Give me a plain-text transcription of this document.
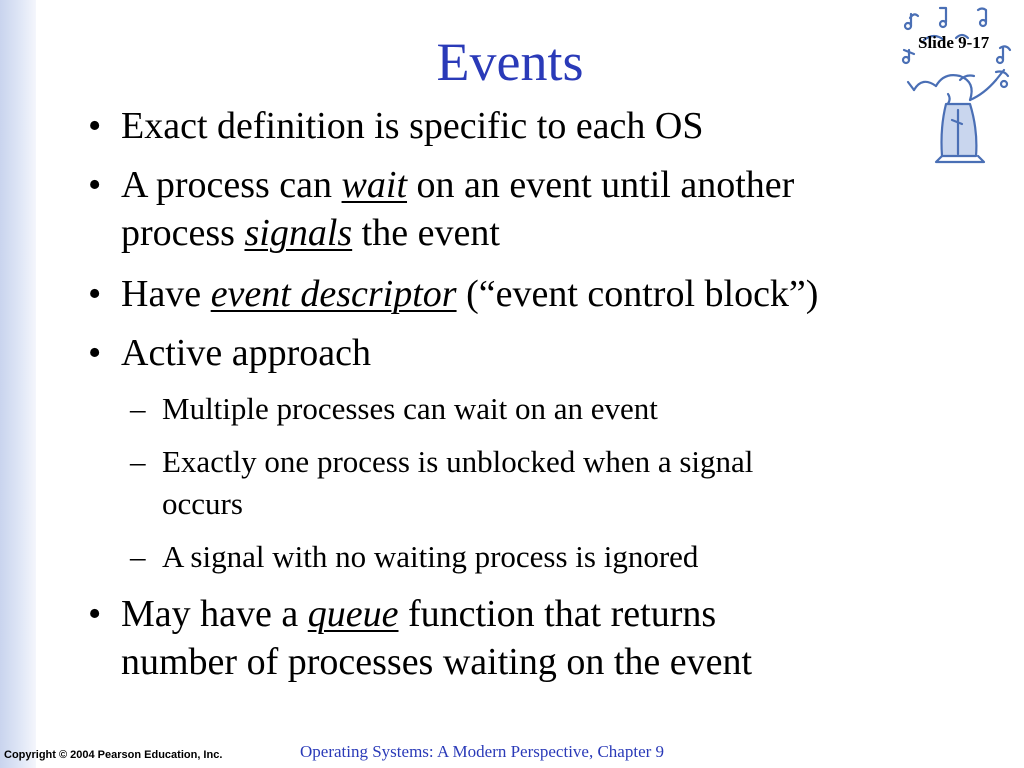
Events	Slide 9-17
• Exact definition is specific to each OS
• A process can wait on an event until another
process signals the event
• Have event descriptor (“event control block”)
• Active approach
– Multiple processes can wait on an event
– Exactly one process is unblocked when a signal
occurs
– A signal with no waiting process is ignored
• May have a queue function that returns
number of processes waiting on the event
Copyright © 2004 Pearson Education, Inc.	Operating Systems: A Modern Perspective, Chapter 9
